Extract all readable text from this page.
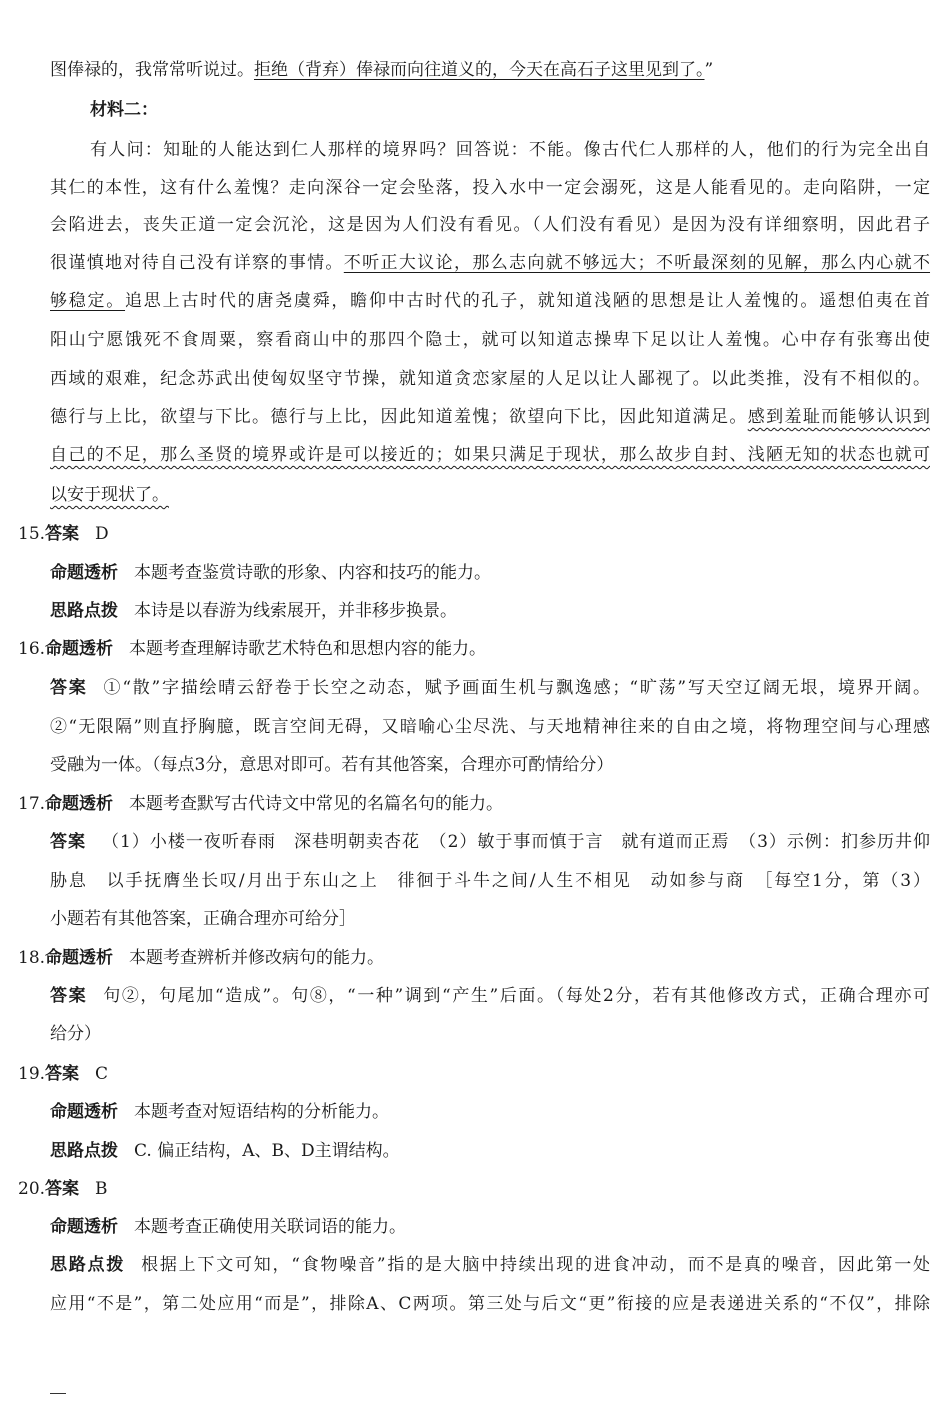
图俸禄的，我常常听说过。拒绝（背弃）俸禄而向往道义的，今天在高石子这里见到了。”
材料二：
有人问：知耻的人能达到仁人那样的境界吗？回答说：不能。像古代仁人那样的人，他们的行为完全出自
其仁的本性，这有什么羞愧？走向深谷一定会坠落，投入水中一定会溺死，这是人能看见的。走向陷阱，一定
会陷进去，丧失正道一定会沉沦，这是因为人们没有看见。（人们没有看见）是因为没有详细察明，因此君子
很谨慎地对待自己没有详察的事情。不听正大议论，那么志向就不够远大；不听最深刻的见解，那么内心就不
够稳定。追思上古时代的唐尧虞舜，瞻仰中古时代的孔子，就知道浅陋的思想是让人羞愧的。遥想伯夷在首
阳山宁愿饿死不食周粟，察看商山中的那四个隐士，就可以知道志操卑下足以让人羞愧。心中存有张骞出使
西域的艰难，纪念苏武出使匈奴坚守节操，就知道贪恋家屋的人足以让人鄙视了。以此类推，没有不相似的。
德行与上比，欲望与下比。德行与上比，因此知道羞愧；欲望向下比，因此知道满足。感到羞耻而能够认识到
自己的不足，那么圣贤的境界或许是可以接近的；如果只满足于现状，那么故步自封、浅陋无知的状态也就可
以安于现状了。
15.答案 D
命题透析 本题考查鉴赏诗歌的形象、内容和技巧的能力。
思路点拨 本诗是以春游为线索展开，并非移步换景。
16.命题透析 本题考查理解诗歌艺术特色和思想内容的能力。
答案 ①“散”字描绘晴云舒卷于长空之动态，赋予画面生机与飘逸感；“旷荡”写天空辽阔无垠，境界开阔。
②“无限隔”则直抒胸臆，既言空间无碍，又暗喻心尘尽洗、与天地精神往来的自由之境，将物理空间与心理感
受融为一体。（每点3分，意思对即可。若有其他答案，合理亦可酌情给分）
17.命题透析 本题考查默写古代诗文中常见的名篇名句的能力。
答案 （1）小楼一夜听春雨　深巷明朝卖杏花　（2）敏于事而慎于言　就有道而正焉　（3）示例：扪参历井仰
胁息　以手抚膺坐长叹/月出于东山之上　徘徊于斗牛之间/人生不相见　动如参与商　［每空1分，第（3）
小题若有其他答案，正确合理亦可给分］
18.命题透析 本题考查辨析并修改病句的能力。
答案 句②，句尾加“造成”。句⑧，“一种”调到“产生”后面。（每处2分，若有其他修改方式，正确合理亦可
给分）
19.答案 C
命题透析 本题考查对短语结构的分析能力。
思路点拨 C. 偏正结构，A、B、D主谓结构。
20.答案 B
命题透析 本题考查正确使用关联词语的能力。
思路点拨 根据上下文可知，“食物噪音”指的是大脑中持续出现的进食冲动，而不是真的噪音，因此第一处
应用“不是”，第二处应用“而是”，排除A、C两项。第三处与后文“更”衔接的应是表递进关系的“不仅”，排除
